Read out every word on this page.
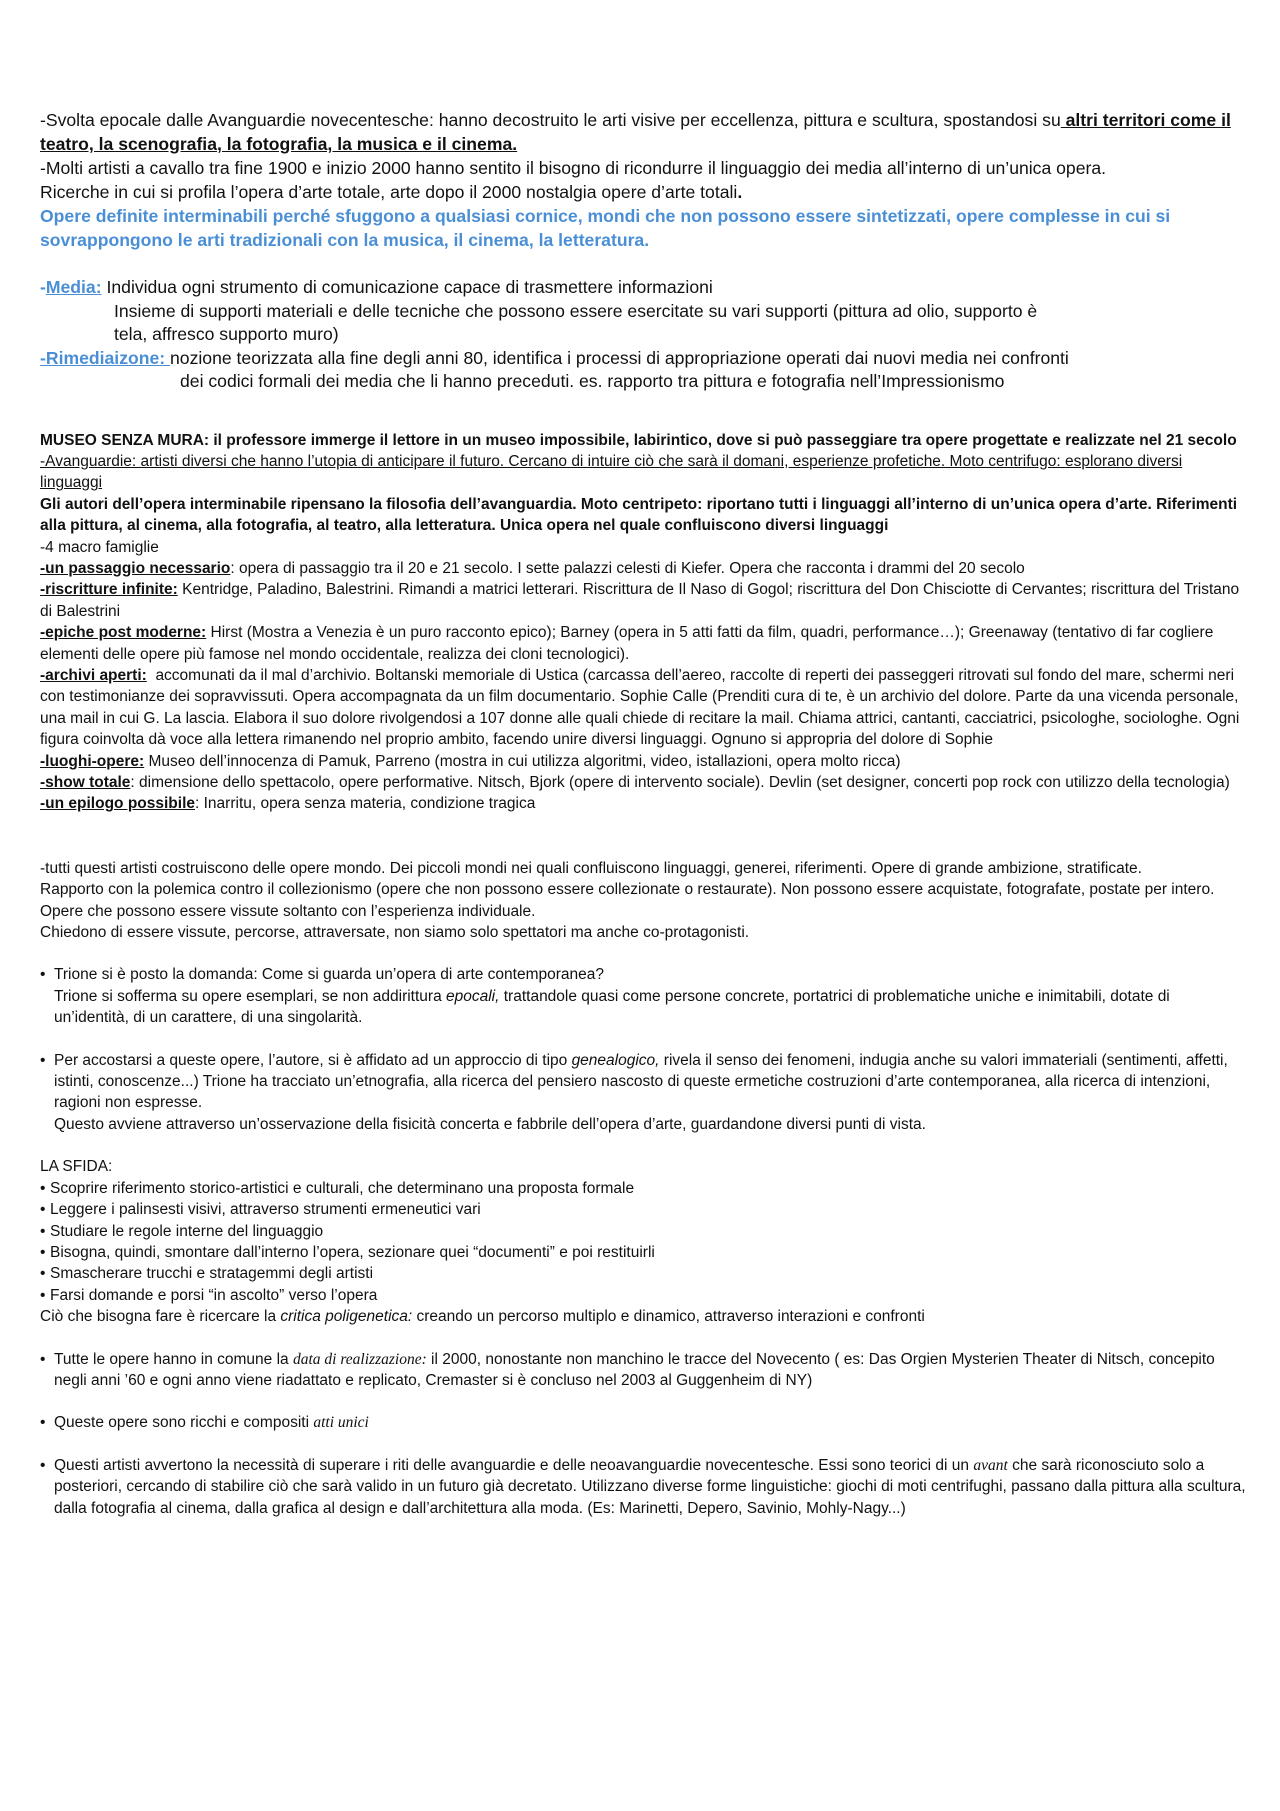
-Svolta epocale dalle Avanguardie novecentesche: hanno decostruito le arti visive per eccellenza, pittura e scultura, spostandosi su altri territori come il teatro, la scenografia, la fotografia, la musica e il cinema.

-Molti artisti a cavallo tra fine 1900 e inizio 2000 hanno sentito il bisogno di ricondurre il linguaggio dei media all’interno di un’unica opera.

Ricerche in cui si profila l’opera d’arte totale, arte dopo il 2000 nostalgia opere d’arte totali.

Opere definite interminabili perché sfuggono a qualsiasi cornice, mondi che non possono essere sintetizzati, opere complesse in cui si sovrappongono le arti tradizionali con la musica, il cinema, la letteratura.

-Media: Individua ogni strumento di comunicazione capace di trasmettere informazioni
Insieme di supporti materiali e delle tecniche che possono essere esercitate su vari supporti (pittura ad olio, supporto è
tela, affresco supporto muro)
-Rimediaizone: nozione teorizzata alla fine degli anni 80, identifica i processi di appropriazione operati dai nuovi media nei confronti
dei codici formali dei media che li hanno preceduti. es. rapporto tra pittura e fotografia nell’Impressionismo

MUSEO SENZA MURA: il professore immerge il lettore in un museo impossibile, labirintico, dove si può passeggiare tra opere progettate e realizzate nel 21 secolo

-Avanguardie: artisti diversi che hanno l’utopia di anticipare il futuro. Cercano di intuire ciò che sarà il domani, esperienze profetiche. Moto centrifugo: esplorano diversi linguaggi

Gli autori dell’opera interminabile ripensano la filosofia dell’avanguardia. Moto centripeto: riportano tutti i linguaggi all’interno di un’unica opera d’arte. Riferimenti alla pittura, al cinema, alla fotografia, al teatro, alla letteratura. Unica opera nel quale confluiscono diversi linguaggi

-4 macro famiglie

-un passaggio necessario: opera di passaggio tra il 20 e 21 secolo. I sette palazzi celesti di Kiefer. Opera che racconta i drammi del 20 secolo

-riscritture infinite: Kentridge, Paladino, Balestrini. Rimandi a matrici letterari. Riscrittura de Il Naso di Gogol; riscrittura del Don Chisciotte di Cervantes; riscrittura del Tristano di Balestrini

-epiche post moderne: Hirst (Mostra a Venezia è un puro racconto epico); Barney (opera in 5 atti fatti da film, quadri, performance…); Greenaway (tentativo di far cogliere elementi delle opere più famose nel mondo occidentale, realizza dei cloni tecnologici).

-archivi aperti: accomunati da il mal d’archivio. Boltanski memoriale di Ustica (carcassa dell’aereo, raccolte di reperti dei passeggeri ritrovati sul fondo del mare, schermi neri con testimonianze dei sopravvissuti. Opera accompagnata da un film documentario. Sophie Calle (Prenditi cura di te, è un archivio del dolore. Parte da una vicenda personale, una mail in cui G. La lascia. Elabora il suo dolore rivolgendosi a 107 donne alle quali chiede di recitare la mail. Chiama attrici, cantanti, cacciatrici, psicologhe, sociologhe. Ogni figura coinvolta dà voce alla lettera rimanendo nel proprio ambito, facendo unire diversi linguaggi. Ognuno si appropria del dolore di Sophie

-luoghi-opere: Museo dell’innocenza di Pamuk, Parreno (mostra in cui utilizza algoritmi, video, istallazioni, opera molto ricca)

-show totale: dimensione dello spettacolo, opere performative. Nitsch, Bjork (opere di intervento sociale). Devlin (set designer, concerti pop rock con utilizzo della tecnologia)

-un epilogo possibile: Inarritu, opera senza materia, condizione tragica

-tutti questi artisti costruiscono delle opere mondo. Dei piccoli mondi nei quali confluiscono linguaggi, generei, riferimenti. Opere di grande ambizione, stratificate.

Rapporto con la polemica contro il collezionismo (opere che non possono essere collezionate o restaurate). Non possono essere acquistate, fotografate, postate per intero. Opere che possono essere vissute soltanto con l’esperienza individuale.

Chiedono di essere vissute, percorse, attraversate, non siamo solo spettatori ma anche co-protagonisti.

• Trione si è posto la domanda: Come si guarda un’opera di arte contemporanea?
Trione si sofferma su opere esemplari, se non addirittura epocali, trattandole quasi come persone concrete, portatrici di problematiche uniche e inimitabili, dotate di un’identità, di un carattere, di una singolarità.

• Per accostarsi a queste opere, l’autore, si è affidato ad un approccio di tipo genealogico, rivela il senso dei fenomeni, indugia anche su valori immateriali (sentimenti, affetti, istinti, conoscenze...) Trione ha tracciato un’etnografia, alla ricerca del pensiero nascosto di queste ermetiche costruzioni d’arte contemporanea, alla ricerca di intenzioni, ragioni non espresse.
Questo avviene attraverso un’osservazione della fisicità concerta e fabbrile dell’opera d’arte, guardandone diversi punti di vista.

LA SFIDA:

• Scoprire riferimento storico-artistici e culturali, che determinano una proposta formale

• Leggere i palinsesti visivi, attraverso strumenti ermeneutici vari

• Studiare le regole interne del linguaggio

• Bisogna, quindi, smontare dall’interno l’opera, sezionare quei “documenti” e poi restituirli

• Smascherare trucchi e stratagemmi degli artisti

• Farsi domande e porsi “in ascolto” verso l’opera

Ciò che bisogna fare è ricercare la critica poligenetica: creando un percorso multiplo e dinamico, attraverso interazioni e confronti

• Tutte le opere hanno in comune la data di realizzazione: il 2000, nonostante non manchino le tracce del Novecento ( es: Das Orgien Mysterien Theater di Nitsch, concepito negli anni ’60 e ogni anno viene riadattato e replicato, Cremaster si è concluso nel 2003 al Guggenheim di NY)

• Queste opere sono ricchi e compositi atti unici

• Questi artisti avvertono la necessità di superare i riti delle avanguardie e delle neoavanguardie novecentesche. Essi sono teorici di un avant che sarà riconosciuto solo a posteriori, cercando di stabilire ciò che sarà valido in un futuro già decretato. Utilizzano diverse forme linguistiche: giochi di moti centrifughi, passano dalla pittura alla scultura, dalla fotografia al cinema, dalla grafica al design e dall’architettura alla moda. (Es: Marinetti, Depero, Savinio, Mohly-Nagy...)
